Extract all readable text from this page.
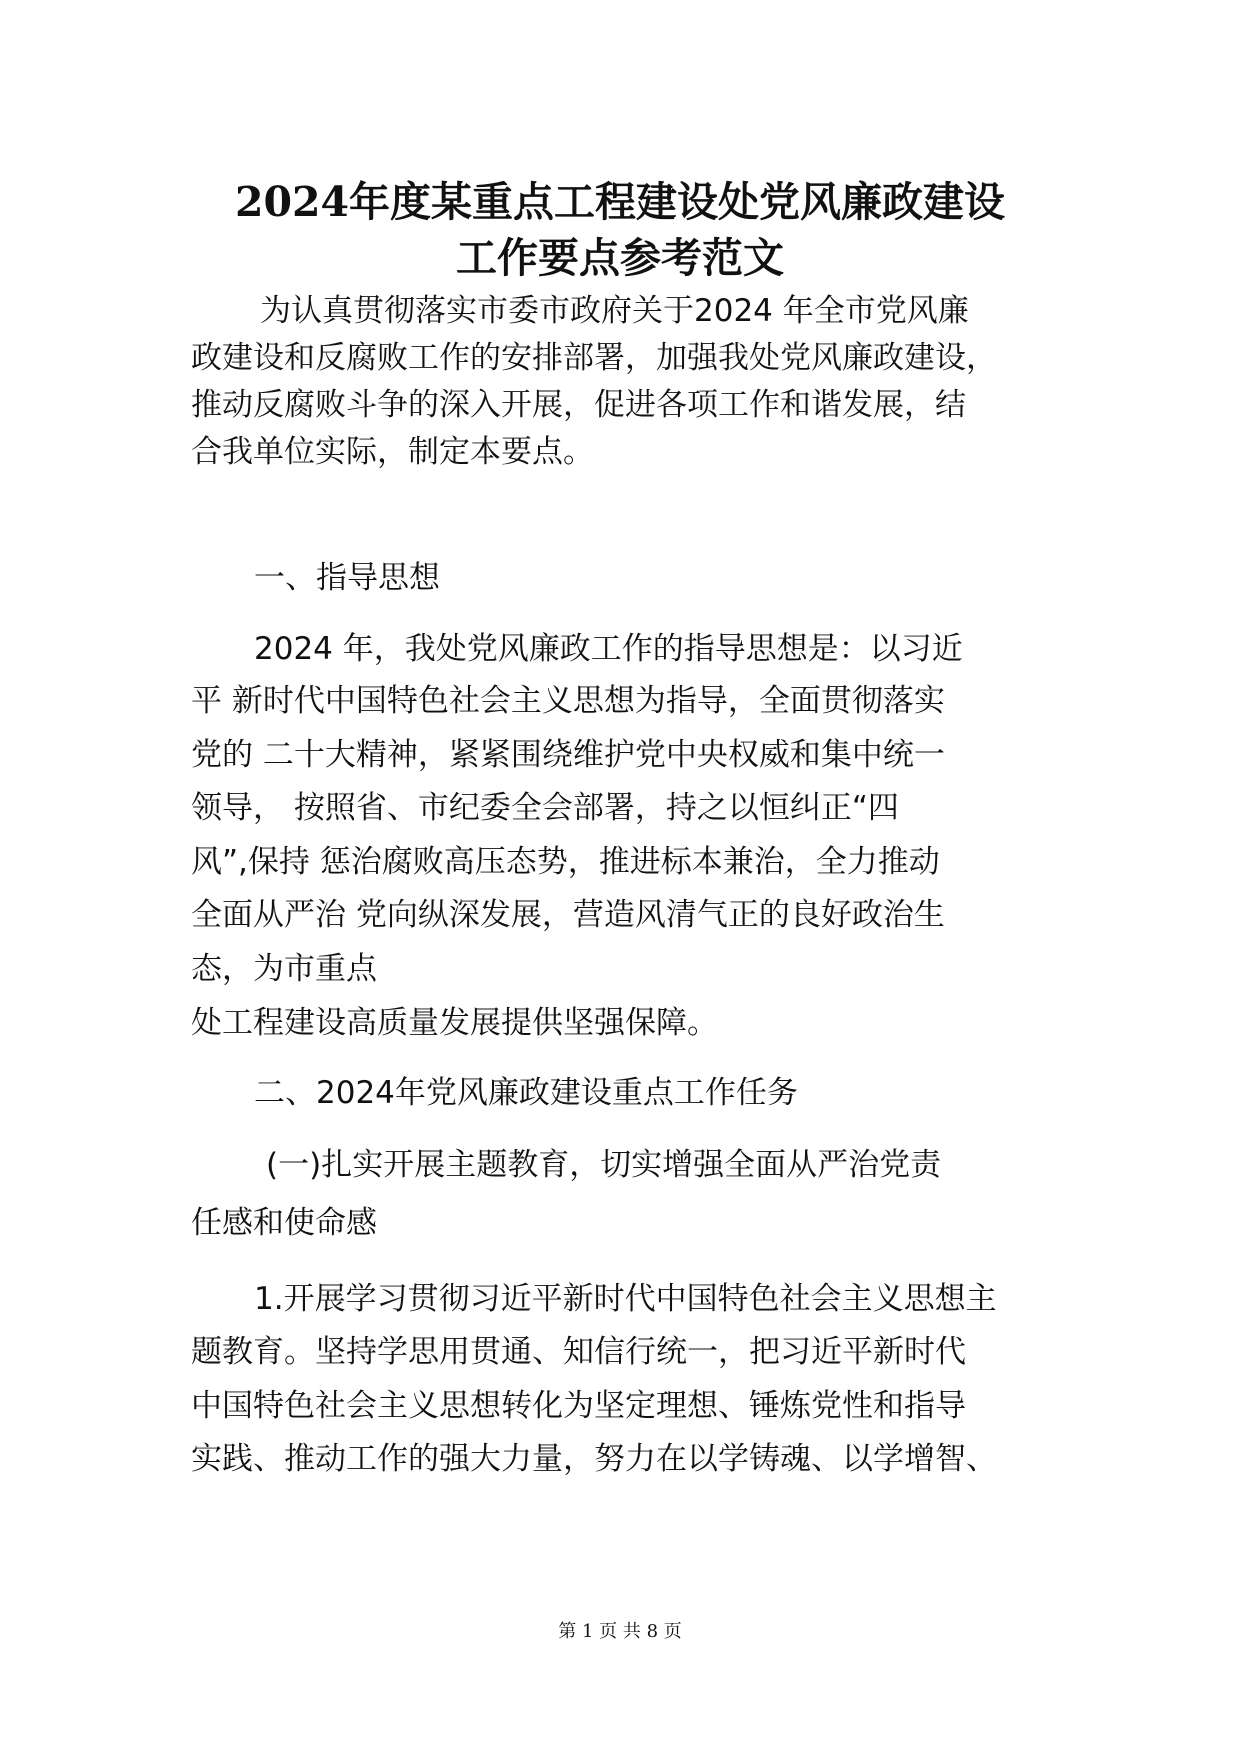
2024年度某重点工程建设处党风廉政建设
工作要点参考范文

为认真贯彻落实市委市政府关于2024 年全市党风廉

政建设和反腐败工作的安排部署，加强我处党风廉政建设，

推动反腐败斗争的深入开展，促进各项工作和谐发展，结

合我单位实际，制定本要点。

一、指导思想

2024 年，我处党风廉政工作的指导思想是：以习近

平 新时代中国特色社会主义思想为指导，全面贯彻落实

党的 二十大精神，紧紧围绕维护党中央权威和集中统一

领导， 按照省、市纪委全会部署，持之以恒纠正“四

风”,保持 惩治腐败高压态势，推进标本兼治，全力推动

全面从严治 党向纵深发展，营造风清气正的良好政治生

态，为市重点

处工程建设高质量发展提供坚强保障。

二、2024年党风廉政建设重点工作任务

(一)扎实开展主题教育，切实增强全面从严治党责

任感和使命感

1.开展学习贯彻习近平新时代中国特色社会主义思想主

题教育。坚持学思用贯通、知信行统一，把习近平新时代

中国特色社会主义思想转化为坚定理想、锤炼党性和指导

实践、推动工作的强大力量，努力在以学铸魂、以学增智、

第 1 页 共 8 页
